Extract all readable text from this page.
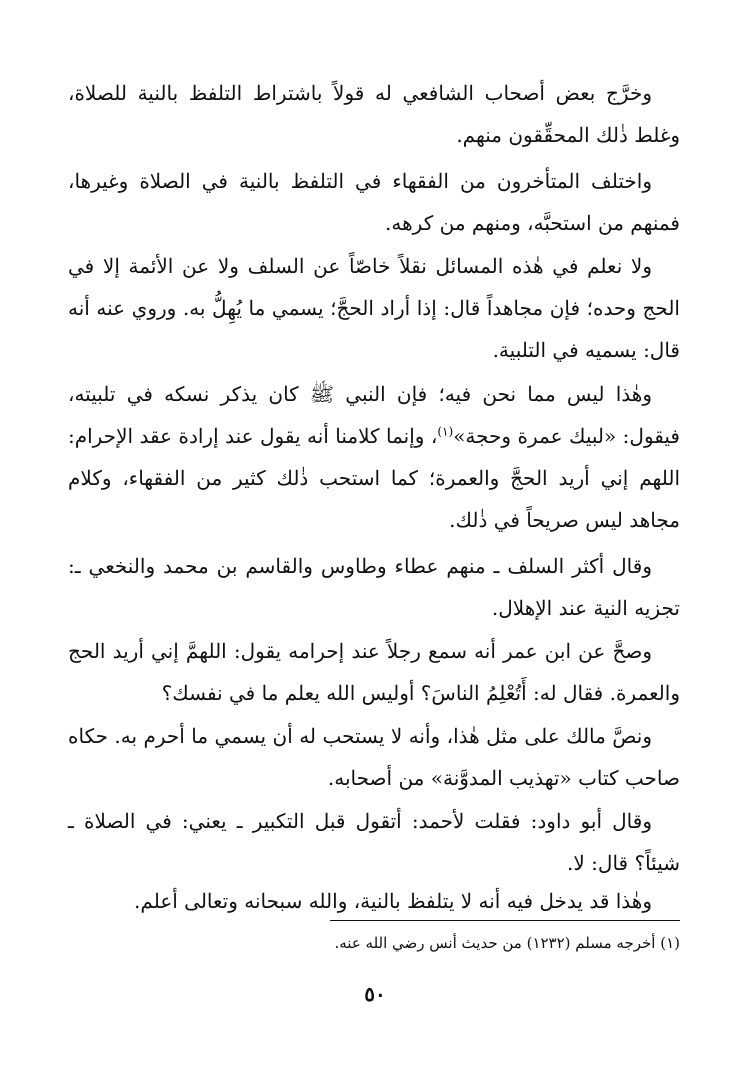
وخرَّج بعض أصحاب الشافعي له قولاً باشتراط التلفظ بالنية للصلاة، وغلط ذٰلك المحقِّقون منهم.

واختلف المتأخرون من الفقهاء في التلفظ بالنية في الصلاة وغيرها، فمنهم من استحبَّه، ومنهم من كرهه.

ولا نعلم في هٰذه المسائل نقلاً خاصّاً عن السلف ولا عن الأئمة إلا في الحج وحده؛ فإن مجاهداً قال: إذا أراد الحجَّ؛ يسمي ما يُهِلُّ به. وروي عنه أنه قال: يسميه في التلبية.

وهٰذا ليس مما نحن فيه؛ فإن النبي ﷺ كان يذكر نسكه في تلبيته، فيقول: «لبيك عمرة وحجة»$^{(١)}$، وإنما كلامنا أنه يقول عند إرادة عقد الإحرام: اللهم إني أريد الحجَّ والعمرة؛ كما استحب ذٰلك كثير من الفقهاء، وكلام مجاهد ليس صريحاً في ذٰلك.

وقال أكثر السلف ـ منهم عطاء وطاوس والقاسم بن محمد والنخعي ـ: تجزيه النية عند الإهلال.

وصحَّ عن ابن عمر أنه سمع رجلاً عند إحرامه يقول: اللهمَّ إني أريد الحج والعمرة. فقال له: أَتُعْلِمُ الناسَ؟ أوليس الله يعلم ما في نفسك؟

ونصَّ مالك على مثل هٰذا، وأنه لا يستحب له أن يسمي ما أحرم به. حكاه صاحب كتاب «تهذيب المدوَّنة» من أصحابه.

وقال أبو داود: فقلت لأحمد: أتقول قبل التكبير ـ يعني: في الصلاة ـ شيئاً؟ قال: لا.

وهٰذا قد يدخل فيه أنه لا يتلفظ بالنية، والله سبحانه وتعالى أعلم.

(١) أخرجه مسلم (١٢٣٢) من حديث أنس رضي الله عنه.

٥٠
